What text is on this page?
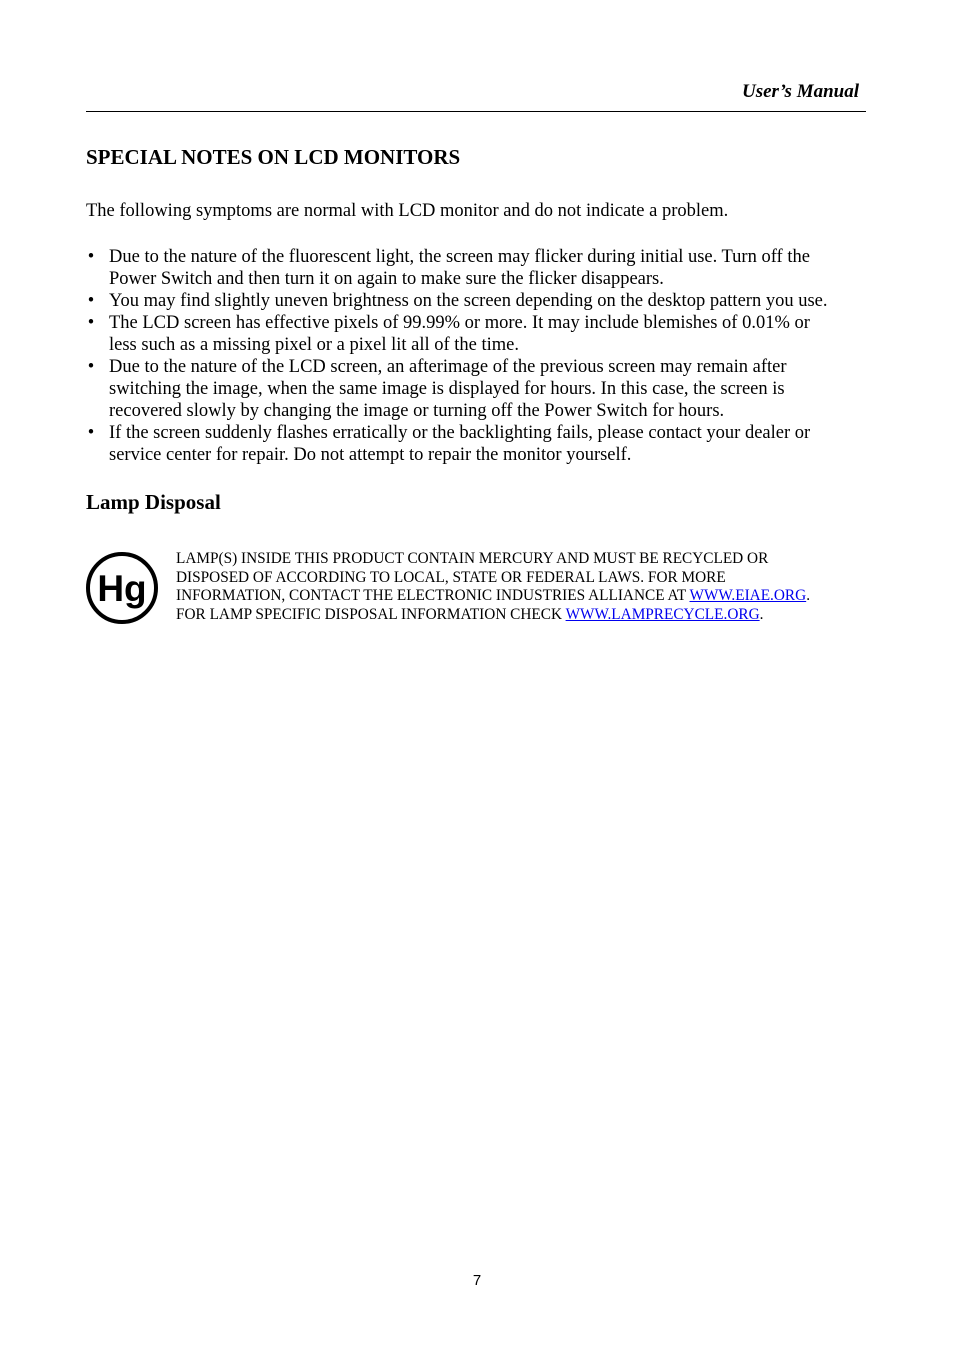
User’s Manual
SPECIAL NOTES ON LCD MONITORS

The following symptoms are normal with LCD monitor and do not indicate a problem.

• Due to the nature of the fluorescent light, the screen may flicker during initial use. Turn off the
Power Switch and then turn it on again to make sure the flicker disappears.
• You may find slightly uneven brightness on the screen depending on the desktop pattern you use.
• The LCD screen has effective pixels of 99.99% or more. It may include blemishes of 0.01% or
less such as a missing pixel or a pixel lit all of the time.
• Due to the nature of the LCD screen, an afterimage of the previous screen may remain after
switching the image, when the same image is displayed for hours. In this case, the screen is
recovered slowly by changing the image or turning off the Power Switch for hours.
• If the screen suddenly flashes erratically or the backlighting fails, please contact your dealer or
service center for repair. Do not attempt to repair the monitor yourself.
Lamp Disposal
Hg

LAMP(S) INSIDE THIS PRODUCT CONTAIN MERCURY AND MUST BE RECYCLED OR
DISPOSED OF ACCORDING TO LOCAL, STATE OR FEDERAL LAWS. FOR MORE
INFORMATION, CONTACT THE ELECTRONIC INDUSTRIES ALLIANCE AT WWW.EIAE.ORG.
FOR LAMP SPECIFIC DISPOSAL INFORMATION CHECK WWW.LAMPRECYCLE.ORG.

7
